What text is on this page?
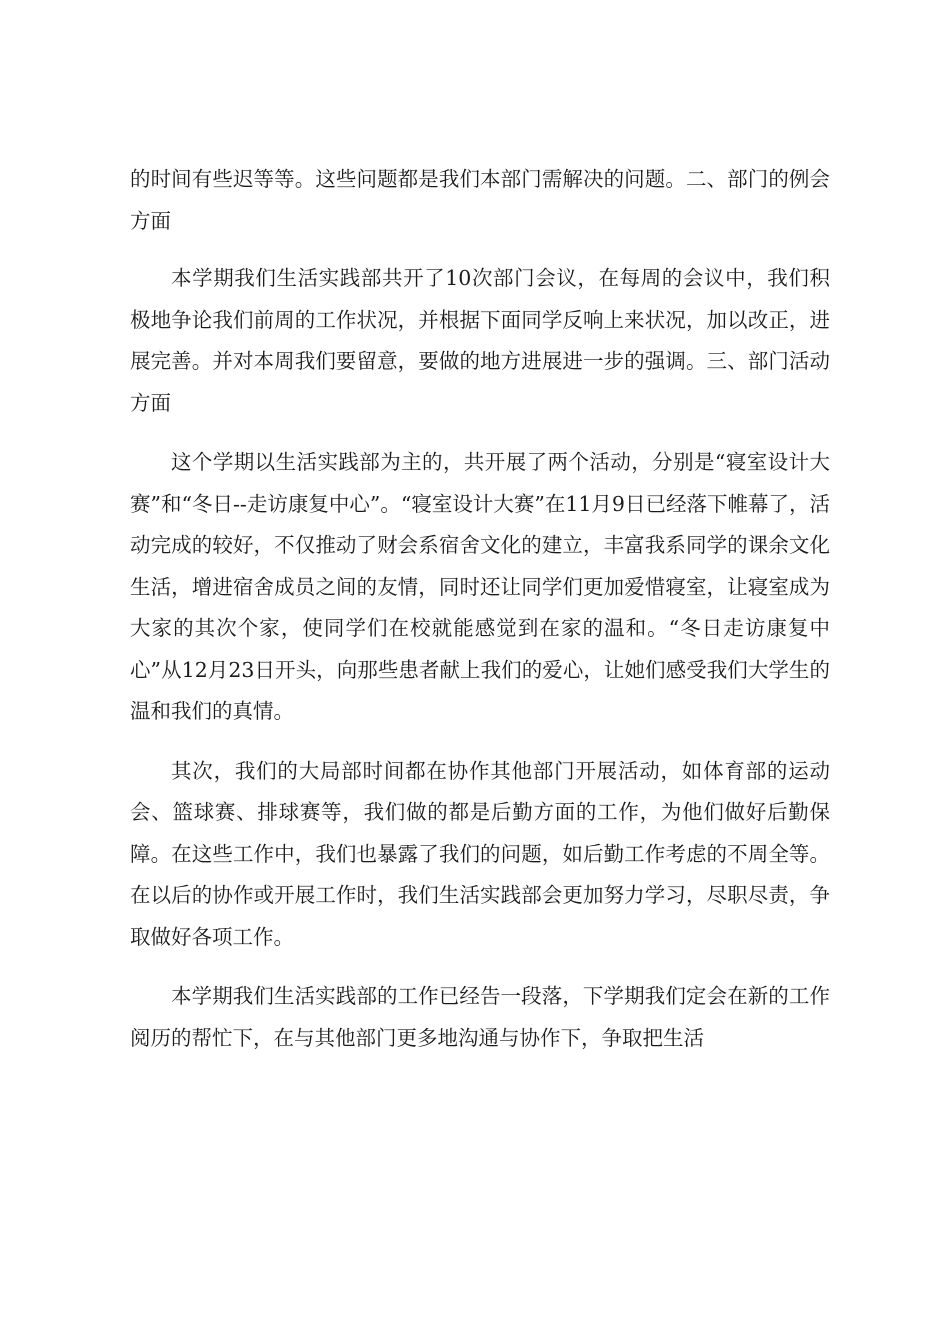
的时间有些迟等等。这些问题都是我们本部门需解决的问题。二、部门的例会方面

本学期我们生活实践部共开了10次部门会议，在每周的会议中，我们积极地争论我们前周的工作状况，并根据下面同学反响上来状况，加以改正，进展完善。并对本周我们要留意，要做的地方进展进一步的强调。三、部门活动方面

这个学期以生活实践部为主的，共开展了两个活动，分别是“寝室设计大赛”和“冬日--走访康复中心”。“寝室设计大赛”在11月9日已经落下帷幕了，活动完成的较好，不仅推动了财会系宿舍文化的建立，丰富我系同学的课余文化生活，增进宿舍成员之间的友情，同时还让同学们更加爱惜寝室，让寝室成为大家的其次个家，使同学们在校就能感觉到在家的温和。“冬日走访康复中心”从12月23日开头，向那些患者献上我们的爱心，让她们感受我们大学生的温和我们的真情。

其次，我们的大局部时间都在协作其他部门开展活动，如体育部的运动会、篮球赛、排球赛等，我们做的都是后勤方面的工作，为他们做好后勤保障。在这些工作中，我们也暴露了我们的问题，如后勤工作考虑的不周全等。在以后的协作或开展工作时，我们生活实践部会更加努力学习，尽职尽责，争取做好各项工作。

本学期我们生活实践部的工作已经告一段落，下学期我们定会在新的工作阅历的帮忙下，在与其他部门更多地沟通与协作下，争取把生活
